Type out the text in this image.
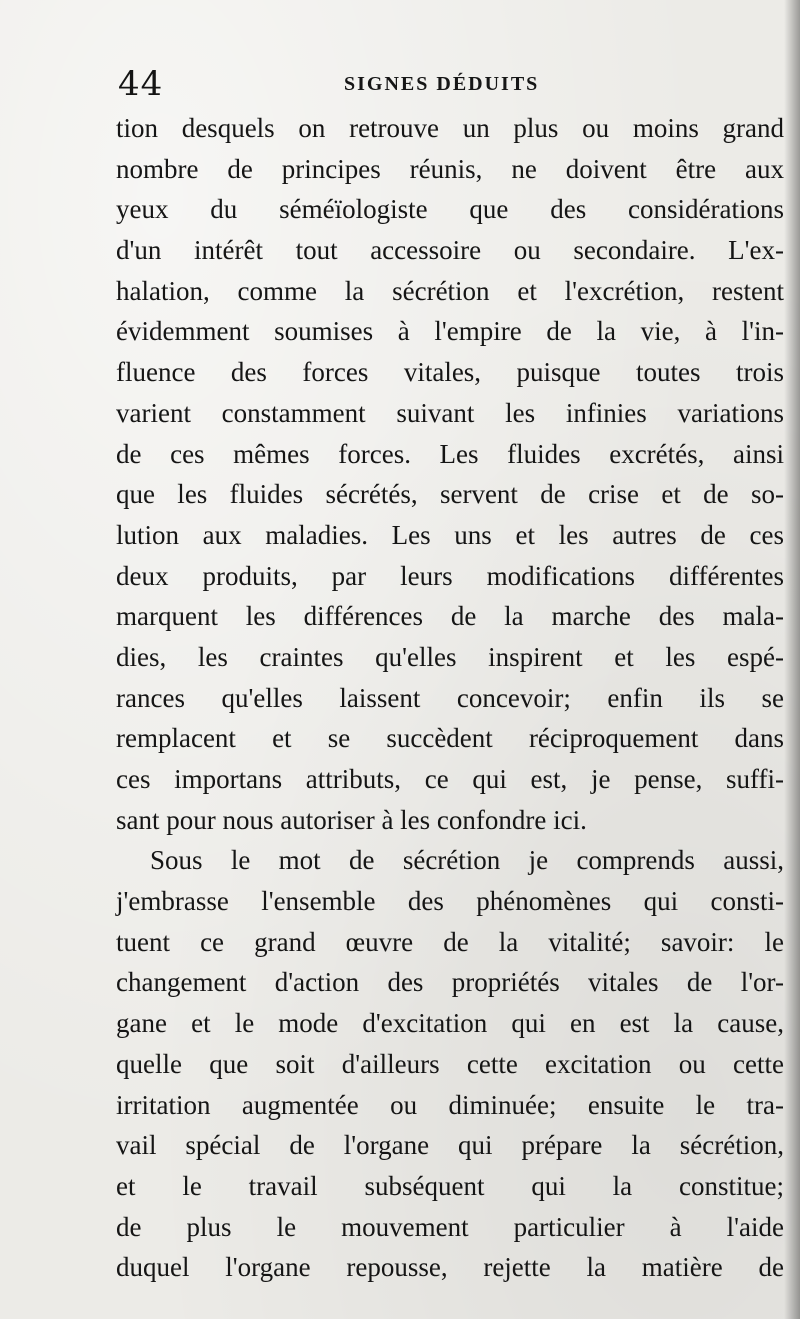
44	SIGNES DÉDUITS
tion desquels on retrouve un plus ou moins grand
nombre de principes réunis, ne doivent être aux
yeux du séméïologiste que des considérations
d'un intérêt tout accessoire ou secondaire. L'ex-
halation, comme la sécrétion et l'excrétion, restent
évidemment soumises à l'empire de la vie, à l'in-
fluence des forces vitales, puisque toutes trois
varient constamment suivant les infinies variations
de ces mêmes forces. Les fluides excrétés, ainsi
que les fluides sécrétés, servent de crise et de so-
lution aux maladies. Les uns et les autres de ces
deux produits, par leurs modifications différentes
marquent les différences de la marche des mala-
dies, les craintes qu'elles inspirent et les espé-
rances qu'elles laissent concevoir; enfin ils se
remplacent et se succèdent réciproquement dans
ces importans attributs, ce qui est, je pense, suffi-
sant pour nous autoriser à les confondre ici.
Sous le mot de sécrétion je comprends aussi,
j'embrasse l'ensemble des phénomènes qui consti-
tuent ce grand œuvre de la vitalité; savoir: le
changement d'action des propriétés vitales de l'or-
gane et le mode d'excitation qui en est la cause,
quelle que soit d'ailleurs cette excitation ou cette
irritation augmentée ou diminuée; ensuite le tra-
vail spécial de l'organe qui prépare la sécrétion,
et le travail subséquent qui la constitue;
de plus le mouvement particulier à l'aide
duquel l'organe repousse, rejette la matière de
